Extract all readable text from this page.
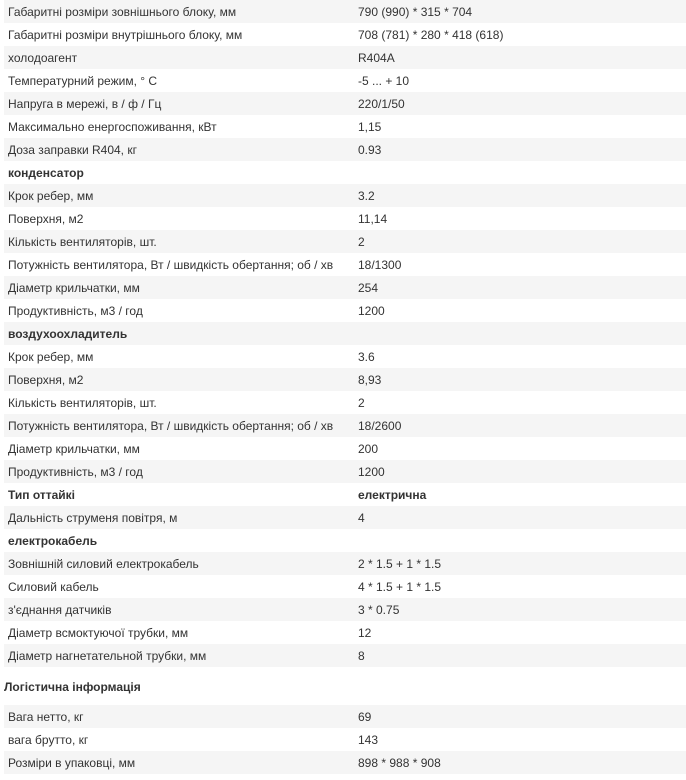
Габаритні розміри зовнішнього блоку, мм	790 (990) * 315 * 704
Габаритні розміри внутрішнього блоку, мм	708 (781) * 280 * 418 (618)
холодоагент	R404A
Температурний режим, ° С	-5 ... + 10
Напруга в мережі, в / ф / Гц	220/1/50
Максимально енергоспоживання, кВт	1,15
Доза заправки R404, кг	0.93
конденсатор
Крок ребер, мм	3.2
Поверхня, м2	11,14
Кількість вентиляторів, шт.	2
Потужність вентилятора, Вт / швидкість обертання; об / хв	18/1300
Діаметр крильчатки, мм	254
Продуктивність, м3 / год	1200
воздухоохладитель
Крок ребер, мм	3.6
Поверхня, м2	8,93
Кількість вентиляторів, шт.	2
Потужність вентилятора, Вт / швидкість обертання; об / хв	18/2600
Діаметр крильчатки, мм	200
Продуктивність, м3 / год	1200
Тип оттайкі	електрична
Дальність струменя повітря, м	4
електрокабель
Зовнішній силовий електрокабель	2 * 1.5 + 1 * 1.5
Силовий кабель	4 * 1.5 + 1 * 1.5
з'єднання датчиків	3 * 0.75
Діаметр всмоктуючої трубки, мм	12
Діаметр нагнетательной трубки, мм	8
Логістична інформація
Вага нетто, кг	69
вага брутто, кг	143
Розміри в упаковці, мм	898 * 988 * 908
